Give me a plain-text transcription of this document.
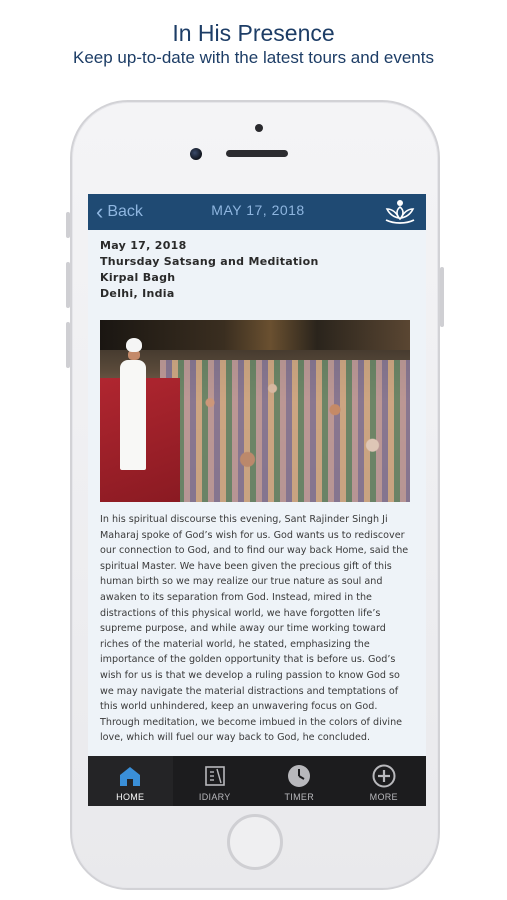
In His Presence
Keep up-to-date with the latest tours and events
‹ Back	MAY 17, 2018
May 17, 2018
Thursday Satsang and Meditation
Kirpal Bagh
Delhi, India
In his spiritual discourse this evening, Sant Rajinder Singh Ji Maharaj spoke of God’s wish for us. God wants us to rediscover our connection to God, and to find our way back Home, said the spiritual Master. We have been given the precious gift of this human birth so we may realize our true nature as soul and awaken to its separation from God. Instead, mired in the distractions of this physical world, we have forgotten life’s supreme purpose, and while away our time working toward riches of the material world, he stated, emphasizing the importance of the golden opportunity that is before us. God’s wish for us is that we develop a ruling passion to know God so we may navigate the material distractions and temptations of this world unhindered, keep an unwavering focus on God. Through meditation, we become imbued in the colors of divine love, which will fuel our way back to God, he concluded.
HOME	IDIARY	TIMER	MORE
